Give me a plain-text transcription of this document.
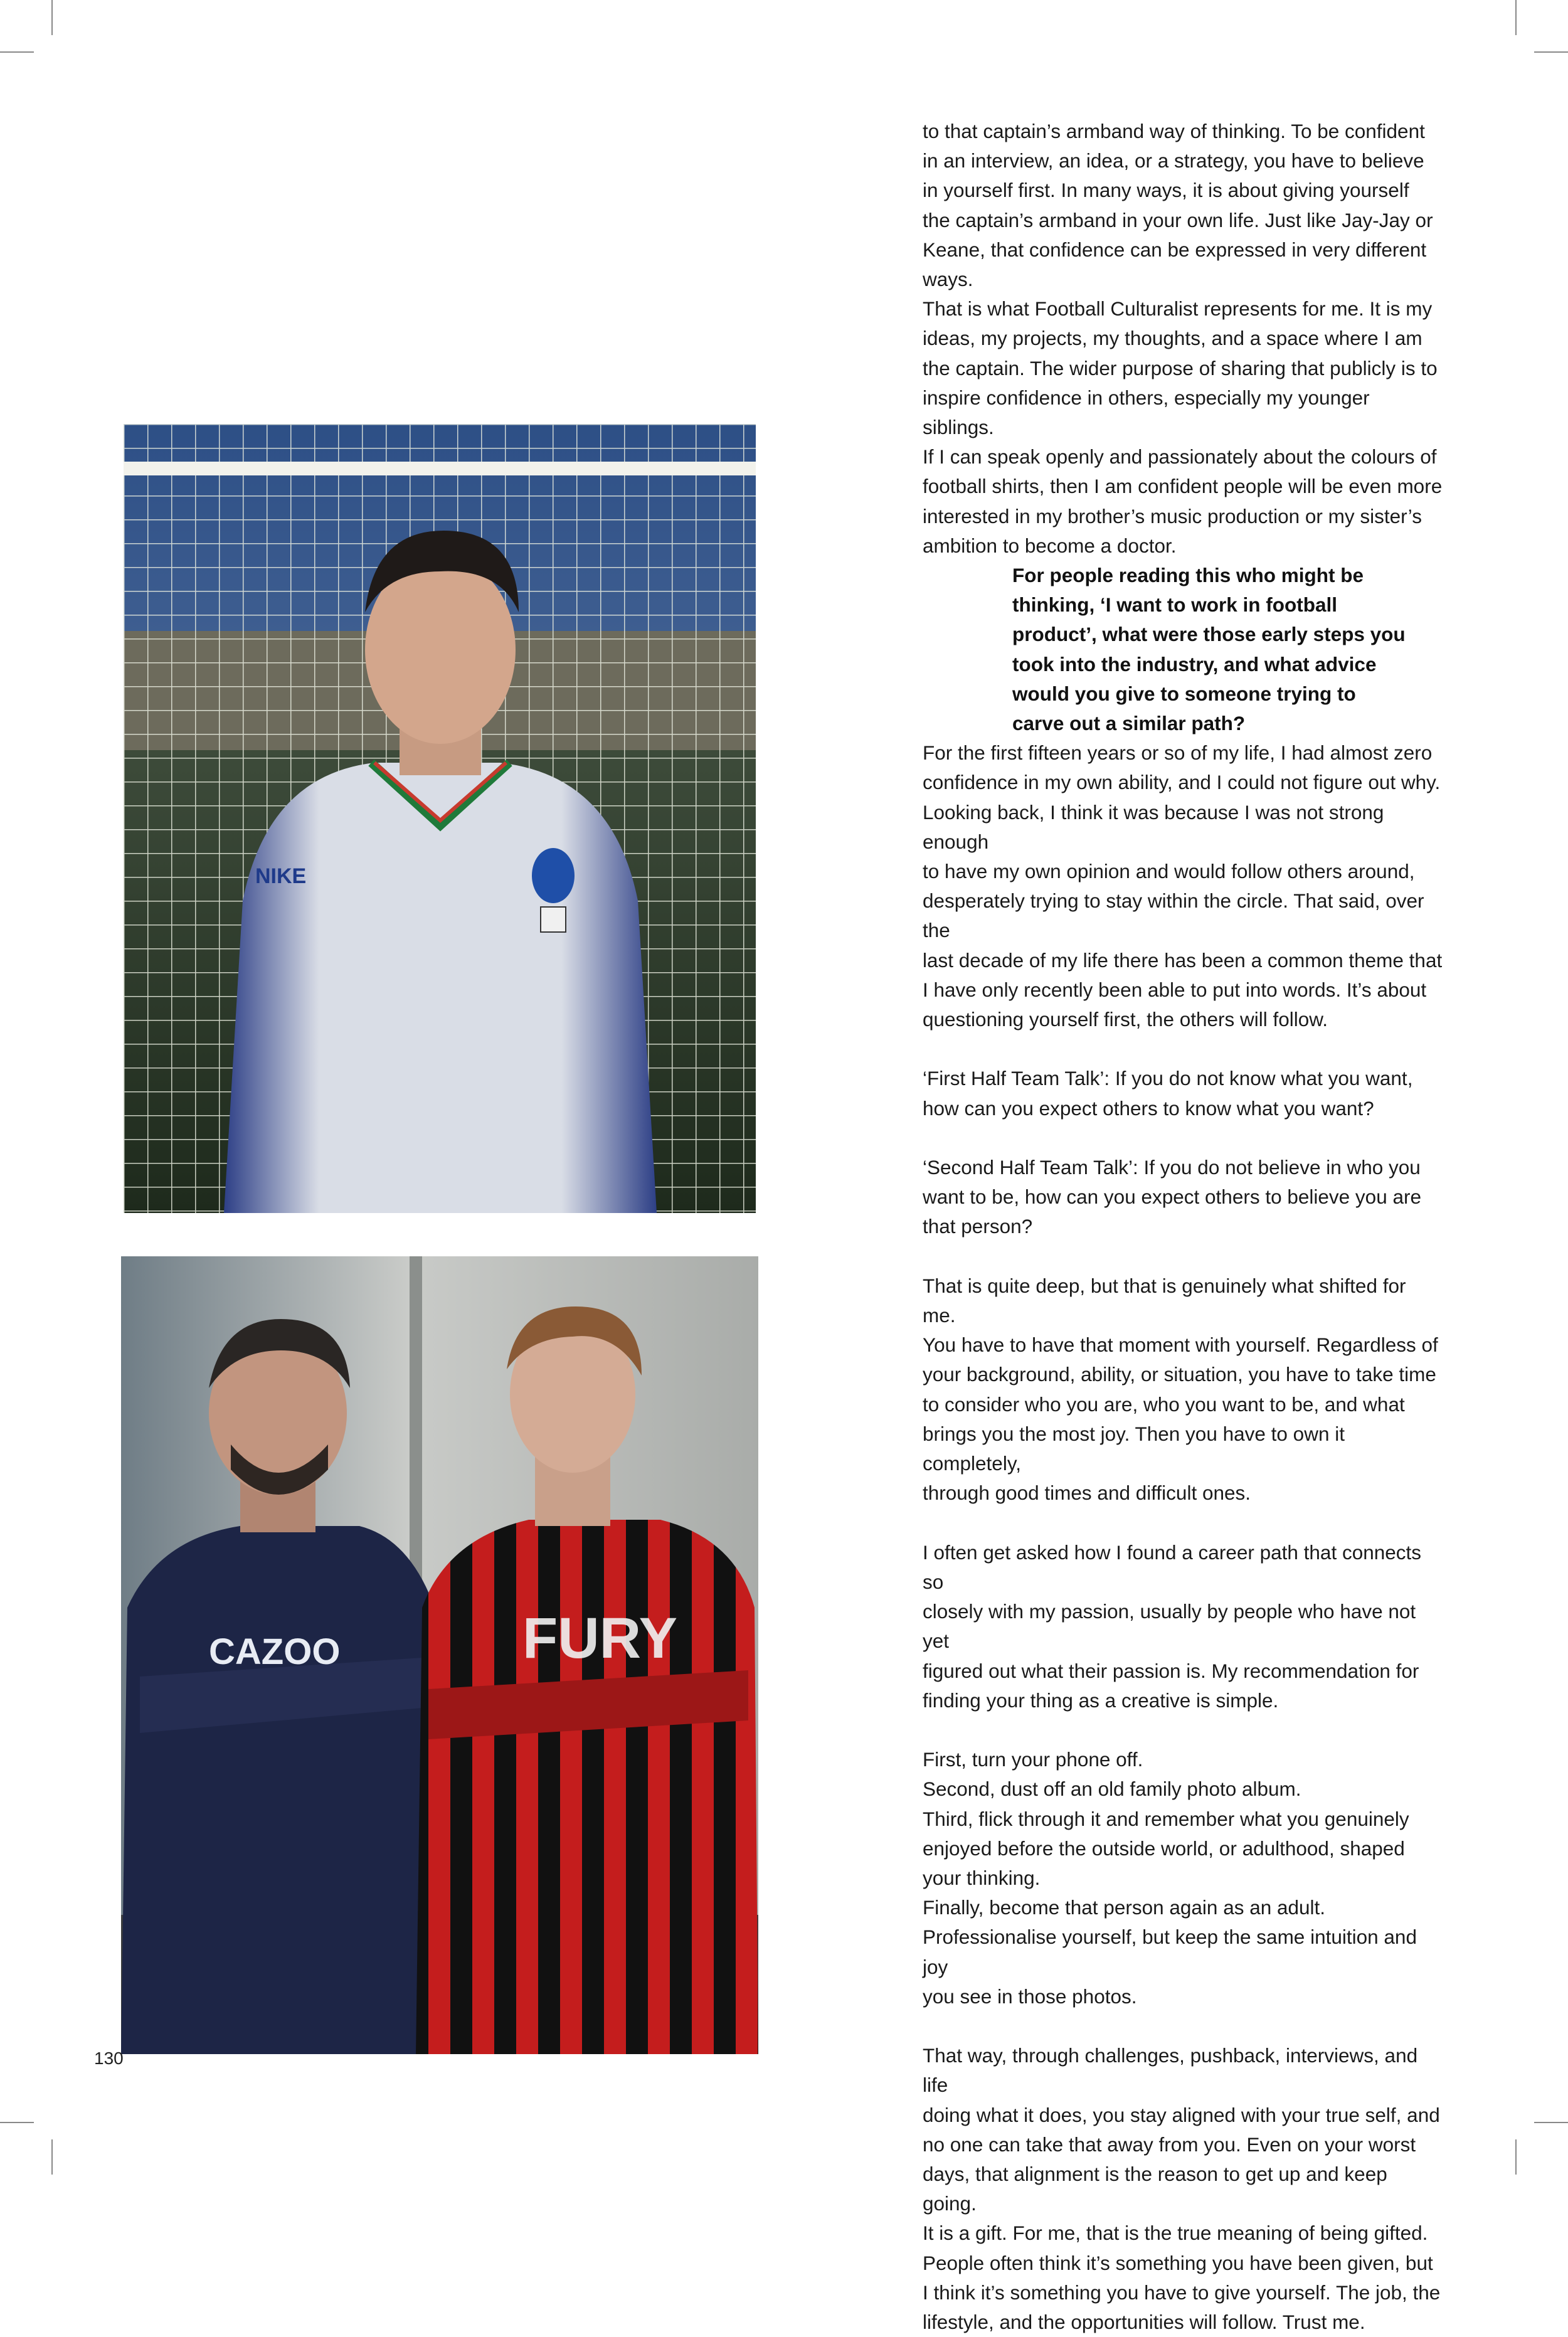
NIKE
CAZOO	FURY

to that captain’s armband way of thinking. To be confident

in an interview, an idea, or a strategy, you have to believe

in yourself first. In many ways, it is about giving yourself

the captain’s armband in your own life. Just like Jay-Jay or

Keane, that confidence can be expressed in very different

ways.

That is what Football Culturalist represents for me. It is my

ideas, my projects, my thoughts, and a space where I am

the captain. The wider purpose of sharing that publicly is to

inspire confidence in others, especially my younger siblings.

If I can speak openly and passionately about the colours of

football shirts, then I am confident people will be even more

interested in my brother’s music production or my sister’s

ambition to become a doctor.

For people reading this who might be

thinking, ‘I want to work in football

product’, what were those early steps you

took into the industry, and what advice

would you give to someone trying to

carve out a similar path?

For the first fifteen years or so of my life, I had almost zero

confidence in my own ability, and I could not figure out why.

Looking back, I think it was because I was not strong enough

to have my own opinion and would follow others around,

desperately trying to stay within the circle. That said, over the

last decade of my life there has been a common theme that

I have only recently been able to put into words. It’s about

questioning yourself first, the others will follow.

‘First Half Team Talk’: If you do not know what you want,

how can you expect others to know what you want?

‘Second Half Team Talk’: If you do not believe in who you

want to be, how can you expect others to believe you are

that person?

That is quite deep, but that is genuinely what shifted for me.

You have to have that moment with yourself. Regardless of

your background, ability, or situation, you have to take time

to consider who you are, who you want to be, and what

brings you the most joy. Then you have to own it completely,

through good times and difficult ones.

I often get asked how I found a career path that connects so

closely with my passion, usually by people who have not yet

figured out what their passion is. My recommendation for

finding your thing as a creative is simple.

First, turn your phone off.

Second, dust off an old family photo album.

Third, flick through it and remember what you genuinely

enjoyed before the outside world, or adulthood, shaped

your thinking.

Finally, become that person again as an adult.

Professionalise yourself, but keep the same intuition and joy

you see in those photos.

That way, through challenges, pushback, interviews, and life

doing what it does, you stay aligned with your true self, and

no one can take that away from you. Even on your worst

days, that alignment is the reason to get up and keep going.

It is a gift. For me, that is the true meaning of being gifted.

People often think it’s something you have been given, but

I think it’s something you have to give yourself. The job, the

lifestyle, and the opportunities will follow. Trust me.

130
